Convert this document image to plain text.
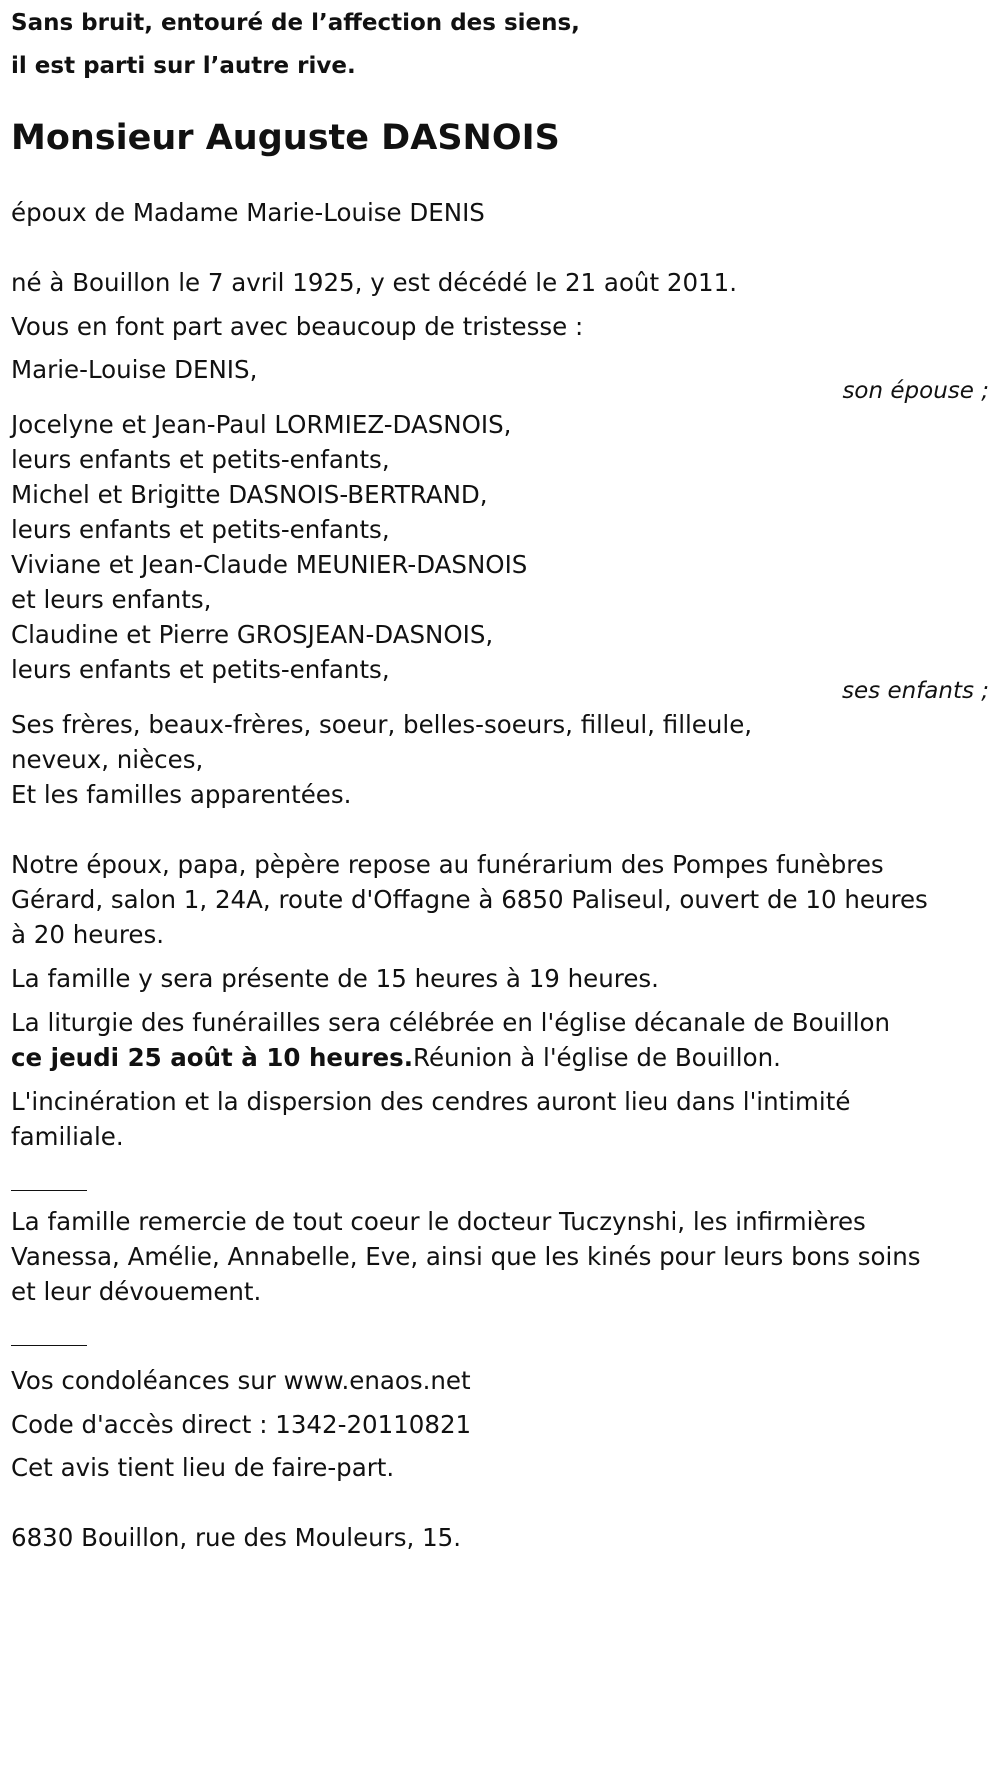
Sans bruit, entouré de l’affection des siens,
il est parti sur l’autre rive.
Monsieur Auguste DASNOIS
époux de Madame Marie-Louise DENIS
né à Bouillon le 7 avril 1925, y est décédé le 21 août 2011.
Vous en font part avec beaucoup de tristesse :
Marie-Louise DENIS,
son épouse ;
Jocelyne et Jean-Paul LORMIEZ-DASNOIS,
leurs enfants et petits-enfants,
Michel et Brigitte DASNOIS-BERTRAND,
leurs enfants et petits-enfants,
Viviane et Jean-Claude MEUNIER-DASNOIS
et leurs enfants,
Claudine et Pierre GROSJEAN-DASNOIS,
leurs enfants et petits-enfants,
ses enfants ;
Ses frères, beaux-frères, soeur, belles-soeurs, filleul, filleule,
neveux, nièces,
Et les familles apparentées.
Notre époux, papa, pèpère repose au funérarium des Pompes funèbres
Gérard, salon 1, 24A, route d'Offagne à 6850 Paliseul, ouvert de 10 heures
à 20 heures.
La famille y sera présente de 15 heures à 19 heures.
La liturgie des funérailles sera célébrée en l'église décanale de Bouillon
ce jeudi 25 août à 10 heures.Réunion à l'église de Bouillon.
L'incinération et la dispersion des cendres auront lieu dans l'intimité
familiale.
La famille remercie de tout coeur le docteur Tuczynshi, les infirmières
Vanessa, Amélie, Annabelle, Eve, ainsi que les kinés pour leurs bons soins
et leur dévouement.
Vos condoléances sur www.enaos.net
Code d'accès direct : 1342-20110821
Cet avis tient lieu de faire-part.
6830 Bouillon, rue des Mouleurs, 15.
